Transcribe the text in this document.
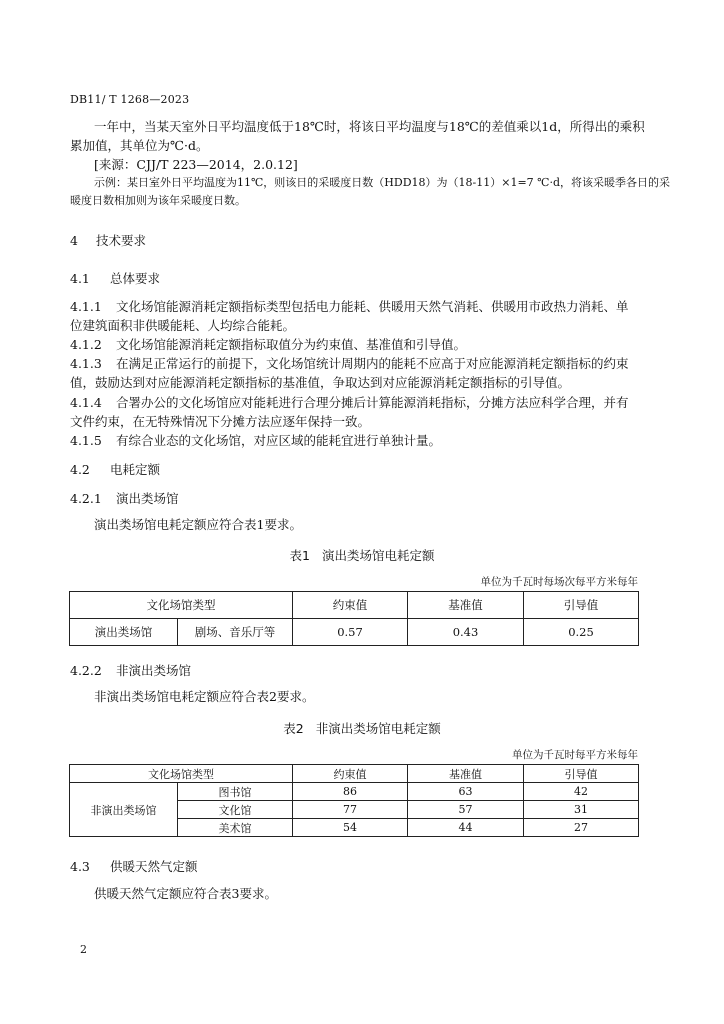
DB11/ T 1268—2023
一年中，当某天室外日平均温度低于18℃时，将该日平均温度与18℃的差值乘以1d，所得出的乘积
累加值，其单位为℃·d。
[来源：CJJ/T 223—2014，2.0.12]
示例：某日室外日平均温度为11℃，则该日的采暖度日数（HDD18）为（18-11）×1=7 ℃·d，将该采暖季各日的采
暖度日数相加则为该年采暖度日数。
4 技术要求
4.1 总体要求
4.1.1 文化场馆能源消耗定额指标类型包括电力能耗、供暖用天然气消耗、供暖用市政热力消耗、单
位建筑面积非供暖能耗、人均综合能耗。
4.1.2 文化场馆能源消耗定额指标取值分为约束值、基准值和引导值。
4.1.3 在满足正常运行的前提下，文化场馆统计周期内的能耗不应高于对应能源消耗定额指标的约束
值，鼓励达到对应能源消耗定额指标的基准值，争取达到对应能源消耗定额指标的引导值。
4.1.4 合署办公的文化场馆应对能耗进行合理分摊后计算能源消耗指标，分摊方法应科学合理，并有
文件约束，在无特殊情况下分摊方法应逐年保持一致。
4.1.5 有综合业态的文化场馆，对应区域的能耗宜进行单独计量。
4.2 电耗定额
4.2.1 演出类场馆
演出类场馆电耗定额应符合表1要求。
表1 演出类场馆电耗定额
单位为千瓦时每场次每平方米每年
文化场馆类型		约束值	基准值	引导值
演出类场馆	剧场、音乐厅等	0.57	0.43	0.25
4.2.2 非演出类场馆
非演出类场馆电耗定额应符合表2要求。
表2 非演出类场馆电耗定额
单位为千瓦时每平方米每年
文化场馆类型		约束值	基准值	引导值
非演出类场馆	图书馆	86	63	42
	文化馆	77	57	31
	美术馆	54	44	27
4.3 供暖天然气定额
供暖天然气定额应符合表3要求。
2
